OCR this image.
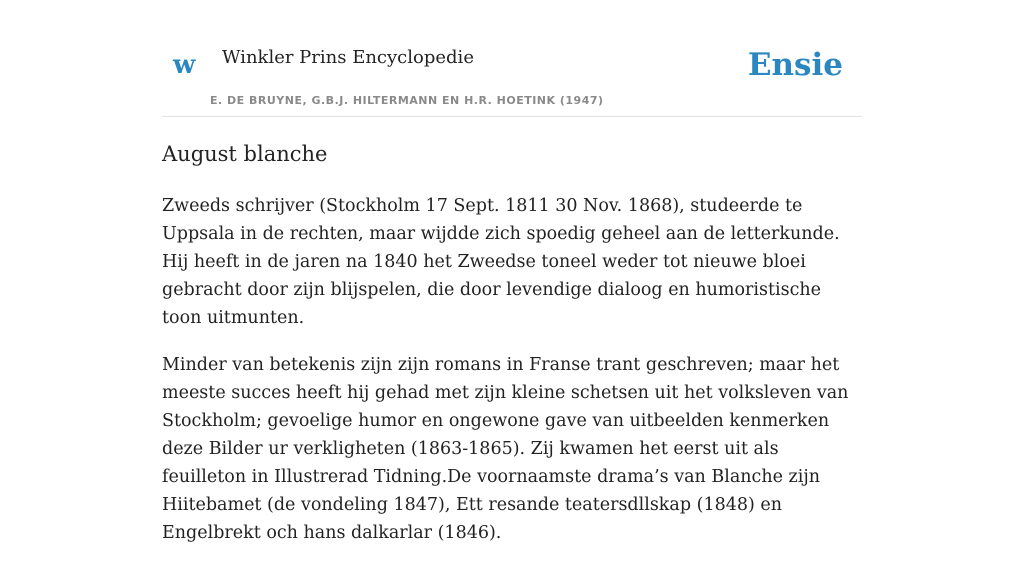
w Winkler Prins Encyclopedie
E. DE BRUYNE, G.B.J. HILTERMANN EN H.R. HOETINK (1947)
Ensie
August blanche

Zweeds schrijver (Stockholm 17 Sept. 1811 30 Nov. 1868), studeerde te Uppsala in de rechten, maar wijdde zich spoedig geheel aan de letterkunde. Hij heeft in de jaren na 1840 het Zweedse toneel weder tot nieuwe bloei gebracht door zijn blijspelen, die door levendige dialoog en humoristische toon uitmunten.

Minder van betekenis zijn zijn romans in Franse trant geschreven; maar het meeste succes heeft hij gehad met zijn kleine schetsen uit het volksleven van Stockholm; gevoelige humor en ongewone gave van uitbeelden kenmerken deze Bilder ur verkligheten (1863-1865). Zij kwamen het eerst uit als feuilleton in Illustrerad Tidning.De voornaamste drama’s van Blanche zijn Hiitebamet (de vondeling 1847), Ett resande teatersdllskap (1848) en Engelbrekt och hans dalkarlar (1846).
